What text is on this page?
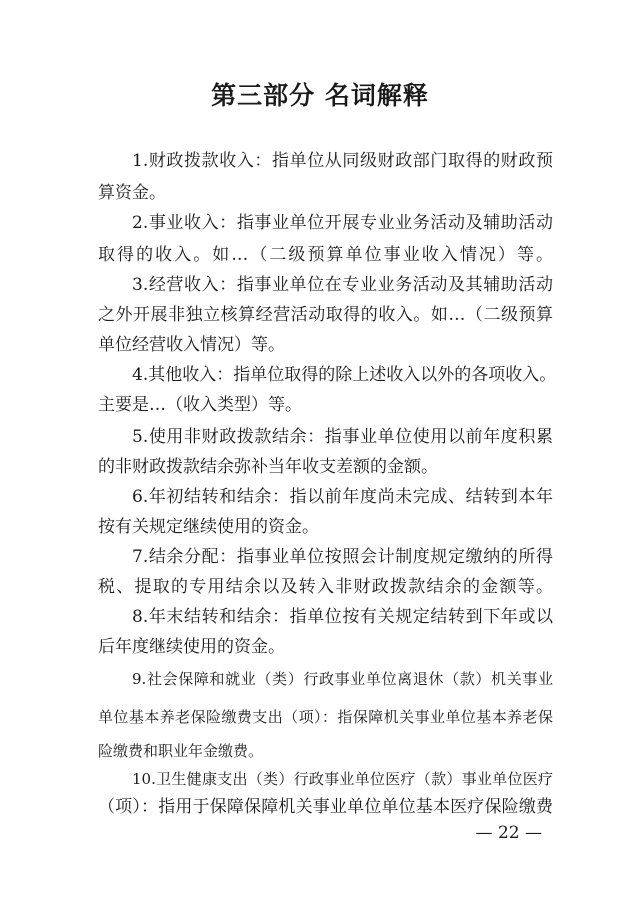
第三部分 名词解释

1.财政拨款收入：指单位从同级财政部门取得的财政预

算资金。

2.事业收入：指事业单位开展专业业务活动及辅助活动

取得的收入。如…（二级预算单位事业收入情况）等。

3.经营收入：指事业单位在专业业务活动及其辅助活动

之外开展非独立核算经营活动取得的收入。如…（二级预算

单位经营收入情况）等。

4.其他收入：指单位取得的除上述收入以外的各项收入。

主要是…（收入类型）等。

5.使用非财政拨款结余：指事业单位使用以前年度积累

的非财政拨款结余弥补当年收支差额的金额。

6.年初结转和结余：指以前年度尚未完成、结转到本年

按有关规定继续使用的资金。

7.结余分配：指事业单位按照会计制度规定缴纳的所得

税、提取的专用结余以及转入非财政拨款结余的金额等。

8.年末结转和结余：指单位按有关规定结转到下年或以

后年度继续使用的资金。

9.社会保障和就业（类）行政事业单位离退休（款）机关事业

单位基本养老保险缴费支出（项）：指保障机关事业单位基本养老保

险缴费和职业年金缴费。

10.卫生健康支出（类）行政事业单位医疗（款）事业单位医疗

（项）：指用于保障保障机关事业单位单位基本医疗保险缴费

— 22 —
